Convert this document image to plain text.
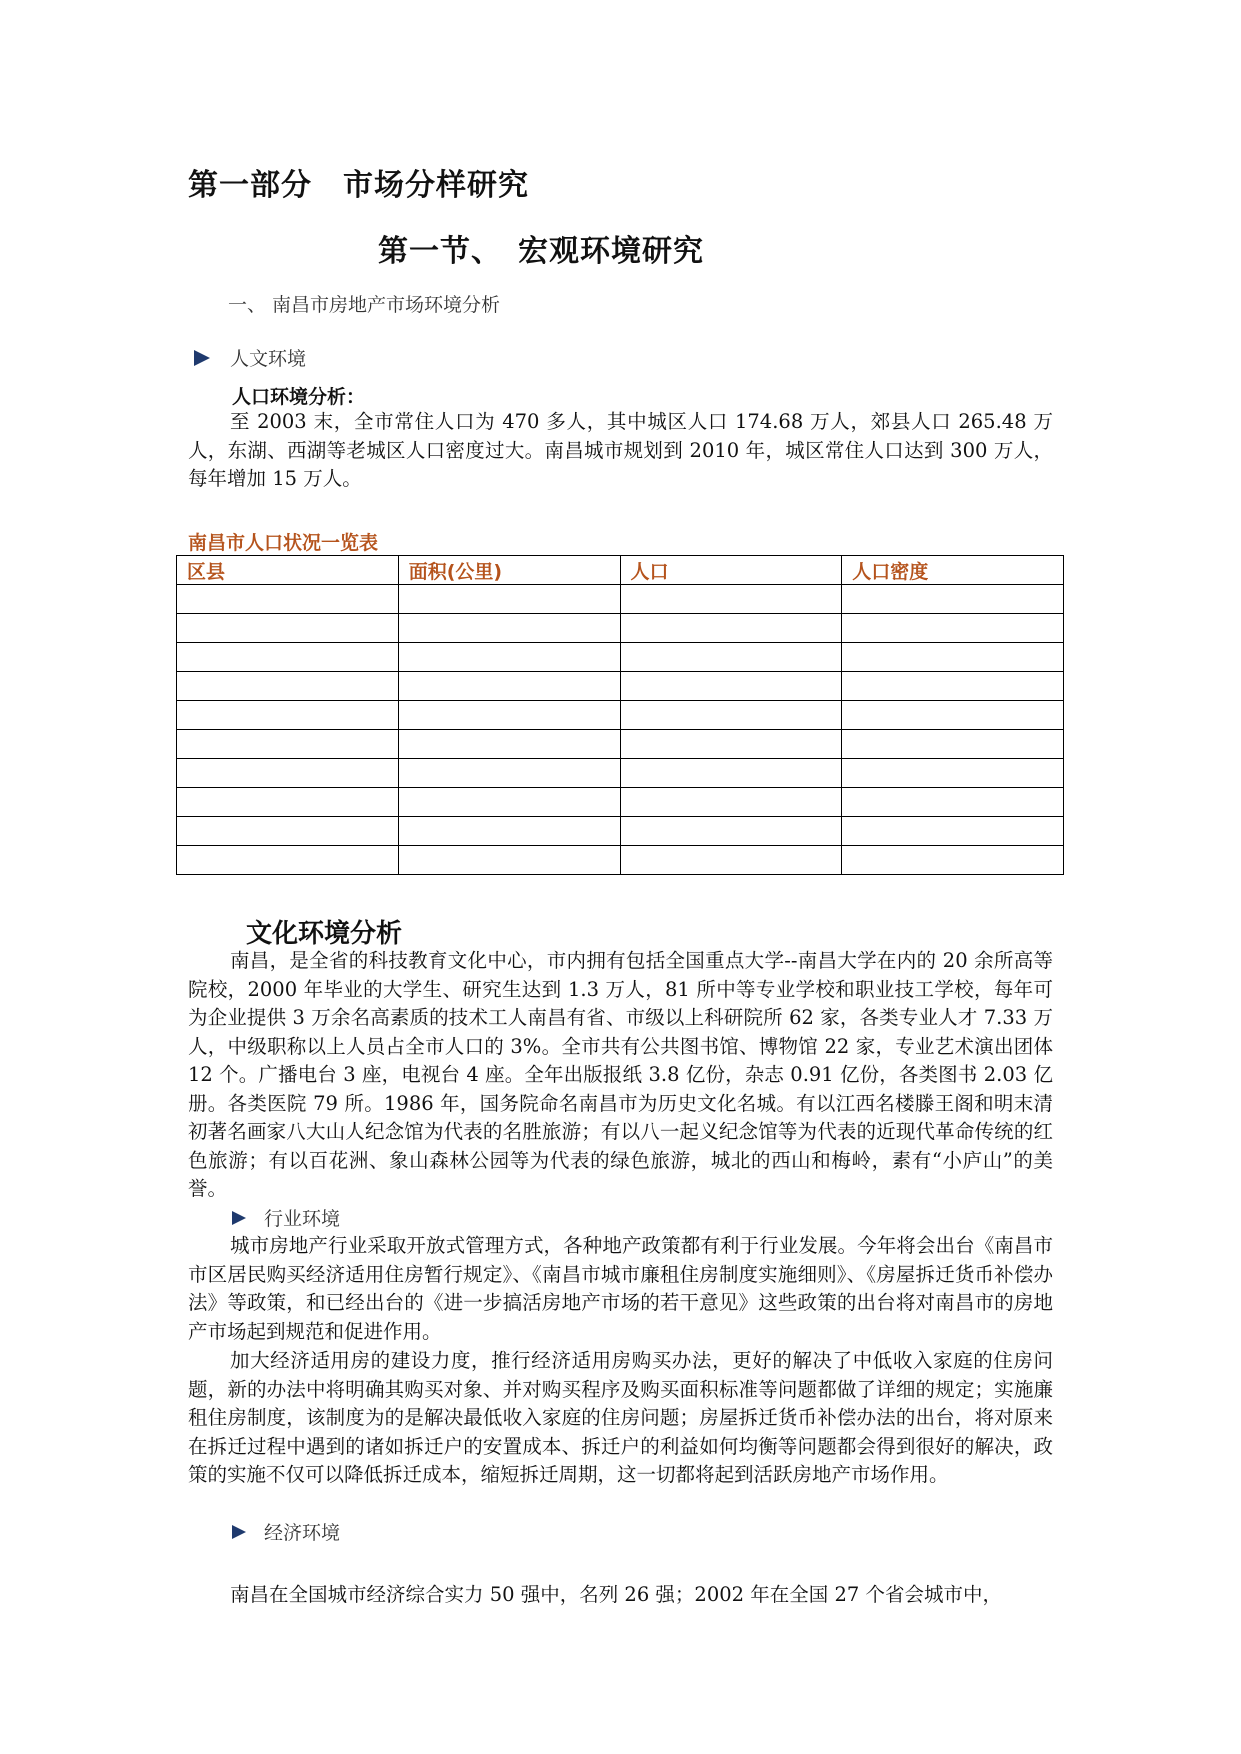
第一部分　市场分样研究
第一节、　宏观环境研究
一、 南昌市房地产市场环境分析
人文环境
人口环境分析：

至 2003 末，全市常住人口为 470 多人，其中城区人口 174.68 万人，郊县人口 265.48 万人，东湖、西湖等老城区人口密度过大。南昌城市规划到 2010 年，城区常住人口达到 300 万人，每年增加 15 万人。

南昌市人口状况一览表
区县	面积(公里)	人口	人口密度

文化环境分析

南昌，是全省的科技教育文化中心，市内拥有包括全国重点大学--南昌大学在内的 20 余所高等院校，2000 年毕业的大学生、研究生达到 1.3 万人，81 所中等专业学校和职业技工学校，每年可为企业提供 3 万余名高素质的技术工人南昌有省、市级以上科研院所 62 家，各类专业人才 7.33 万人，中级职称以上人员占全市人口的 3%。全市共有公共图书馆、博物馆 22 家，专业艺术演出团体 12 个。广播电台 3 座，电视台 4 座。全年出版报纸 3.8 亿份，杂志 0.91 亿份，各类图书 2.03 亿册。各类医院 79 所。1986 年，国务院命名南昌市为历史文化名城。有以江西名楼滕王阁和明末清初著名画家八大山人纪念馆为代表的名胜旅游；有以八一起义纪念馆等为代表的近现代革命传统的红色旅游；有以百花洲、象山森林公园等为代表的绿色旅游，城北的西山和梅岭，素有“小庐山”的美誉。

行业环境

城市房地产行业采取开放式管理方式，各种地产政策都有利于行业发展。今年将会出台《南昌市市区居民购买经济适用住房暂行规定》、《南昌市城市廉租住房制度实施细则》、《房屋拆迁货币补偿办法》等政策，和已经出台的《进一步搞活房地产市场的若干意见》这些政策的出台将对南昌市的房地产市场起到规范和促进作用。

加大经济适用房的建设力度，推行经济适用房购买办法，更好的解决了中低收入家庭的住房问题，新的办法中将明确其购买对象、并对购买程序及购买面积标准等问题都做了详细的规定；实施廉租住房制度，该制度为的是解决最低收入家庭的住房问题；房屋拆迁货币补偿办法的出台，将对原来在拆迁过程中遇到的诸如拆迁户的安置成本、拆迁户的利益如何均衡等问题都会得到很好的解决，政策的实施不仅可以降低拆迁成本，缩短拆迁周期，这一切都将起到活跃房地产市场作用。

经济环境

南昌在全国城市经济综合实力 50 强中，名列 26 强；2002 年在全国 27 个省会城市中，
